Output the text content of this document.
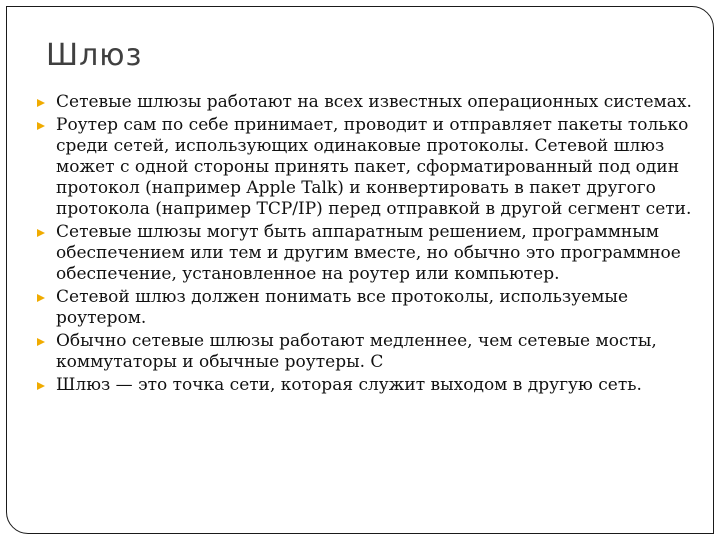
Шлюз
Сетевые шлюзы работают на всех известных операционных системах.
Роутер сам по себе принимает, проводит и отправляет пакеты только среди сетей, использующих одинаковые протоколы. Сетевой шлюз может с одной стороны принять пакет, сформатированный под один протокол (например Apple Talk) и конвертировать в пакет другого протокола (например TCP/IP) перед отправкой в другой сегмент сети.
Сетевые шлюзы могут быть аппаратным решением, программным обеспечением или тем и другим вместе, но обычно это программное обеспечение, установленное на роутер или компьютер.
Сетевой шлюз должен понимать все протоколы, используемые роутером.
Обычно сетевые шлюзы работают медленнее, чем сетевые мосты, коммутаторы и обычные роутеры. С
Шлюз — это точка сети, которая служит выходом в другую сеть.
